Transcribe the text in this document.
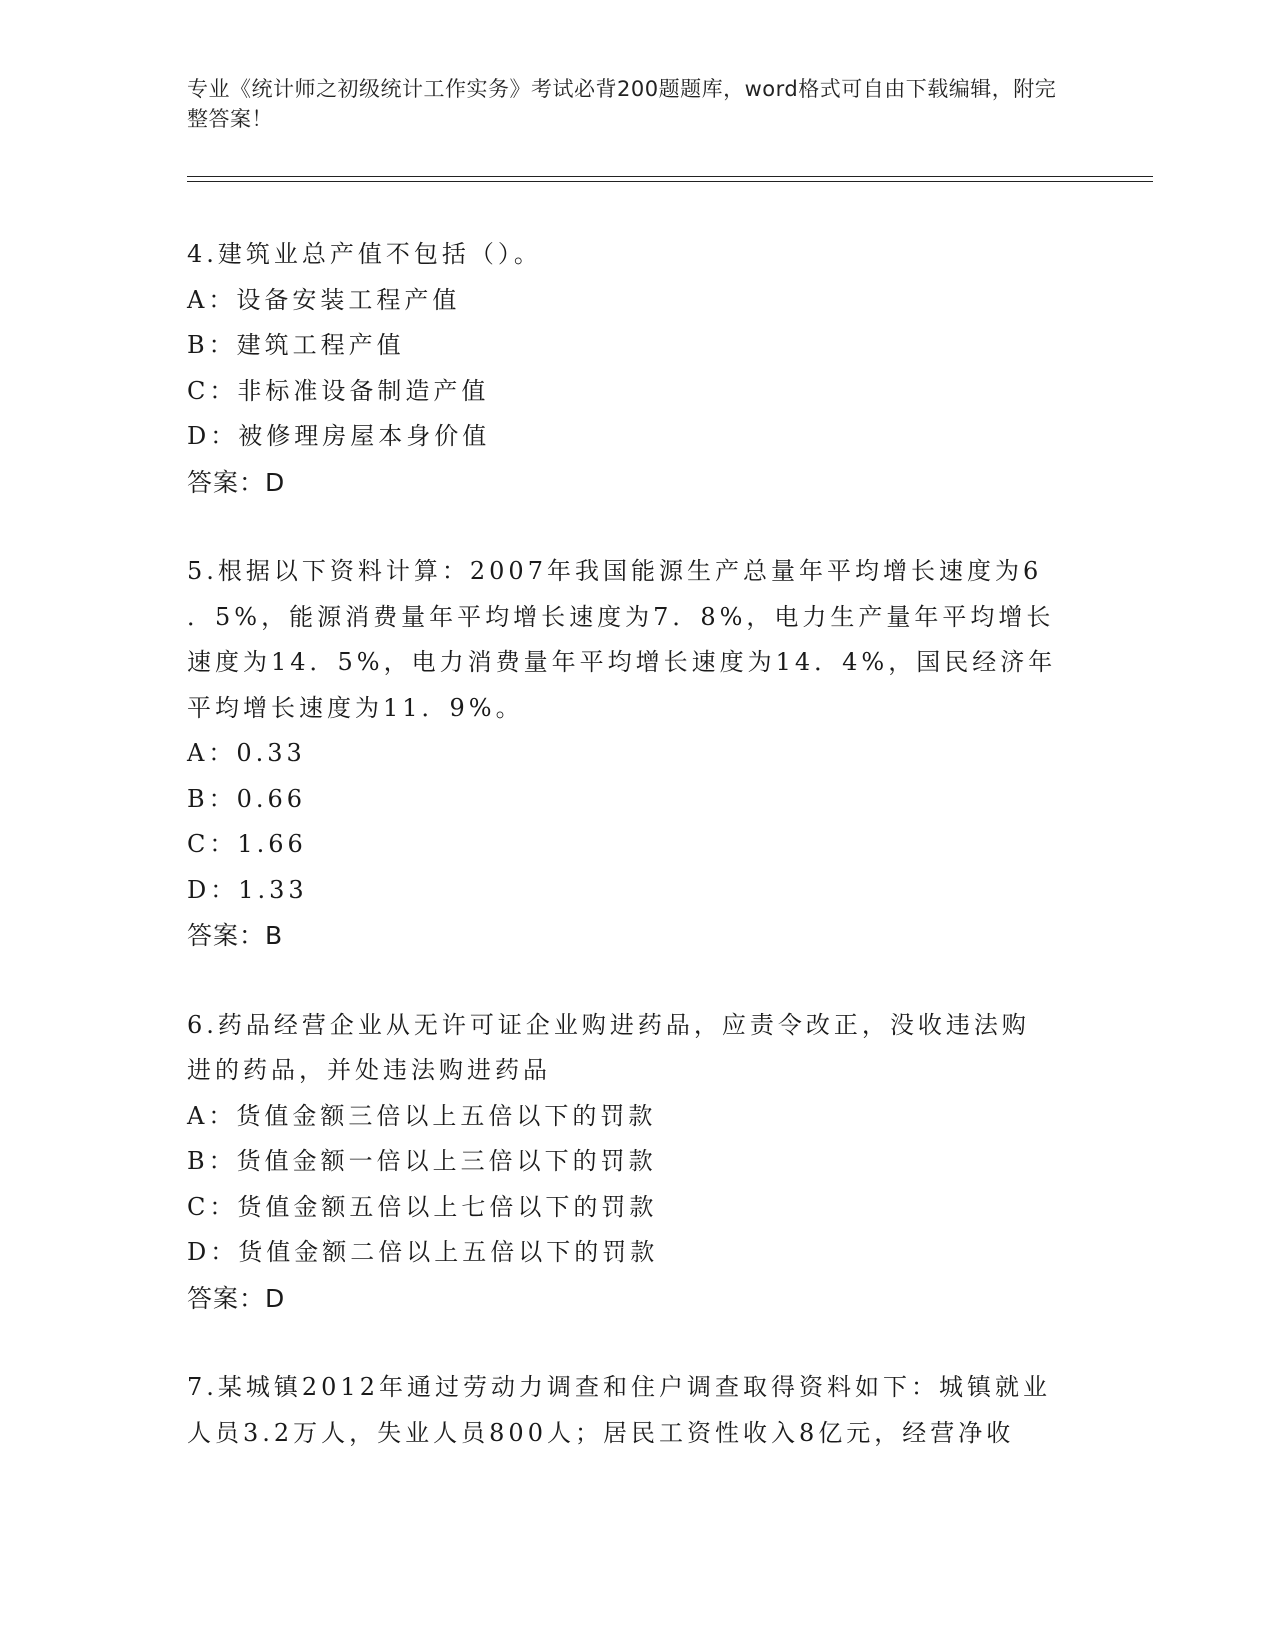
专业《统计师之初级统计工作实务》考试必背200题题库，word格式可自由下载编辑，附完整答案！
4.建筑业总产值不包括（）。
A：设备安装工程产值
B：建筑工程产值
C：非标准设备制造产值
D：被修理房屋本身价值
答案：D
5.根据以下资料计算：2007年我国能源生产总量年平均增长速度为6
．5%，能源消费量年平均增长速度为7．8%，电力生产量年平均增长
速度为14．5%，电力消费量年平均增长速度为14．4%，国民经济年
平均增长速度为11．9%。
A：0.33
B：0.66
C：1.66
D：1.33
答案：B
6.药品经营企业从无许可证企业购进药品，应责令改正，没收违法购
进的药品，并处违法购进药品
A：货值金额三倍以上五倍以下的罚款
B：货值金额一倍以上三倍以下的罚款
C：货值金额五倍以上七倍以下的罚款
D：货值金额二倍以上五倍以下的罚款
答案：D
7.某城镇2012年通过劳动力调查和住户调查取得资料如下：城镇就业
人员3.2万人，失业人员800人；居民工资性收入8亿元，经营净收
